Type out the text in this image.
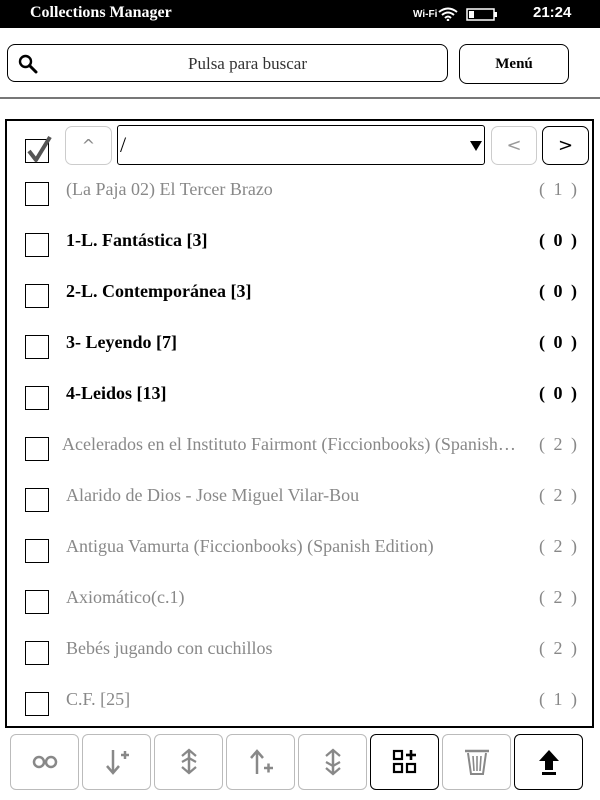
Collections Manager	Wi-Fi	21:24
Pulsa para buscar	Menú
^	/	<	>
(La Paja 02) El Tercer Brazo	( 1 )
1-L. Fantástica [3]	( 0 )
2-L. Contemporánea [3]	( 0 )
3- Leyendo [7]	( 0 )
4-Leidos [13]	( 0 )
Acelerados en el Instituto Fairmont (Ficcionbooks) (Spanish…	( 2 )
Alarido de Dios - Jose Miguel Vilar-Bou	( 2 )
Antigua Vamurta (Ficcionbooks) (Spanish Edition)	( 2 )
Axiomático(c.1)	( 2 )
Bebés jugando con cuchillos	( 2 )
C.F. [25]	( 1 )
